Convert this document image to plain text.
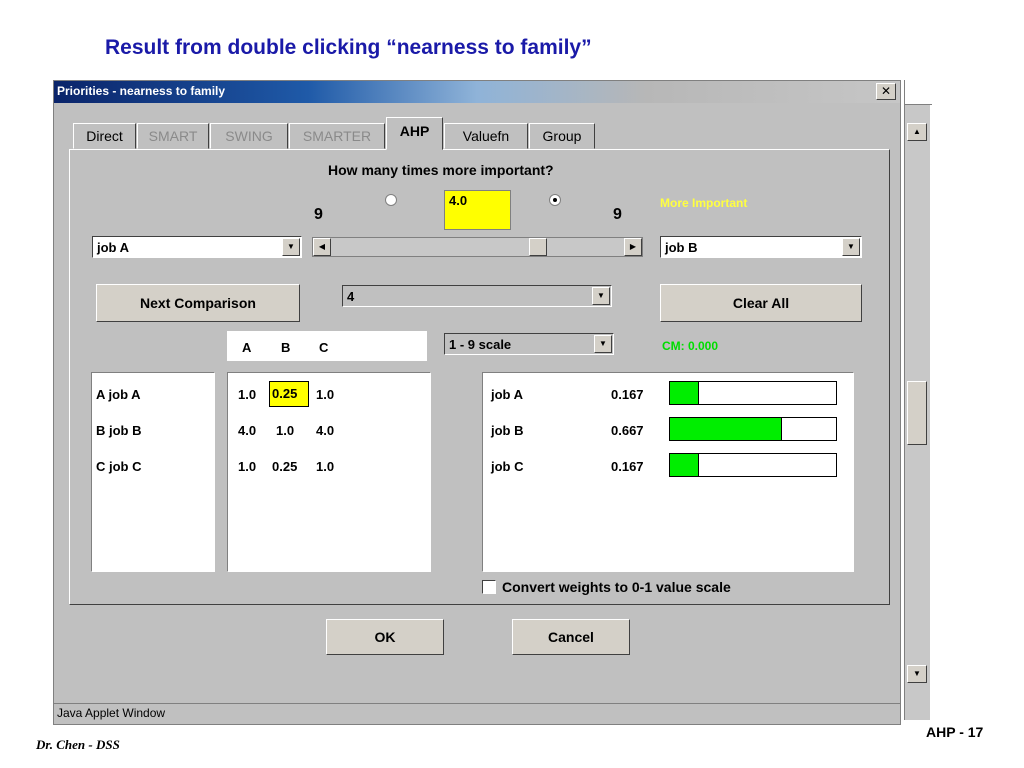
Result from double clicking “nearness to family”
Priorities - nearness to family	✕
Direct	SMART	SWING	SMARTER	AHP	Valuefn	Group
How many times more important?
9
4.0
9
More Important
job A	▼	◀	▶	job B	▼
Next Comparison	4	▼	Clear All
A B C	1 - 9 scale	▼	CM: 0.000
A job A
B job B
C job C
1.0 0.25	1.0
4.0 1.0 4.0
1.0 0.25 1.0
job A	0.167
job B	0.667
job C	0.167
Convert weights to 0-1 value scale
OK	Cancel
Java Applet Window
▲
▼
Dr. Chen - DSS
AHP - 17
